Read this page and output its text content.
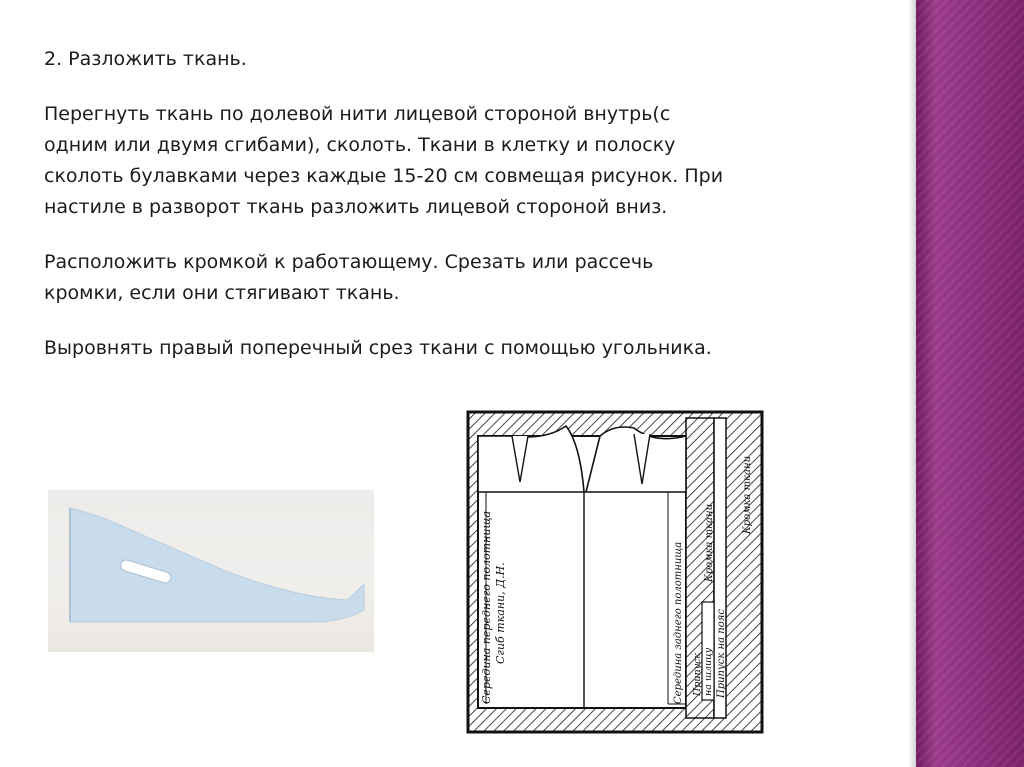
2. Разложить ткань.

Перегнуть ткань по долевой нити лицевой стороной внутрь(с
одним или двумя сгибами), сколоть. Ткани в клетку и полоску
сколоть булавками через каждые 15-20 см совмещая рисунок. При
настиле в разворот ткань разложить лицевой стороной вниз.

Расположить кромкой к работающему. Срезать или рассечь
кромки, если они стягивают ткань.

Выровнять правый поперечный срез ткани с помощью угольника.

Середина переднего полотнища Сгиб ткани, Д.Н.	Середина заднего полотнища Припуск на шлицу Припуск на пояс
Кромка ткани
Кромка ткани
